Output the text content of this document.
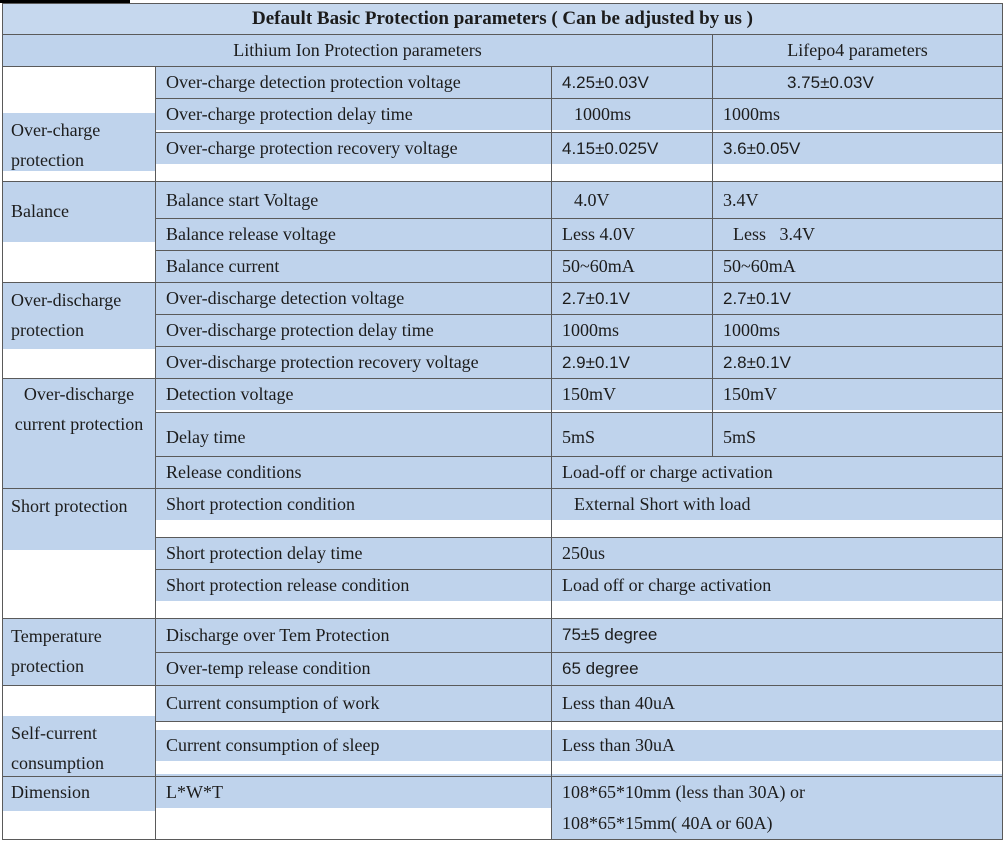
Default Basic Protection parameters ( Can be adjusted by us )			
Lithium Ion Protection parameters			Lifepo4 parameters

Over-charge protection	Over-charge detection protection voltage	4.25±0.03V	3.75±0.03V

	Over-charge protection delay time	1000ms	1000ms

	Over-charge protection recovery voltage	4.15±0.025V	3.6±0.05V

Balance	Balance start Voltage	4.0V	3.4V
	Balance release voltage	Less 4.0V	Less   3.4V
	Balance current	50~60mA	50~60mA

Over-discharge protection	Over-discharge detection voltage	2.7±0.1V	2.7±0.1V
	Over-discharge protection delay time	1000ms	1000ms
	Over-discharge protection recovery voltage	2.9±0.1V	2.8±0.1V

Over-discharge current protection	Detection voltage	150mV	150mV

	Delay time	5mS	5mS
	Release conditions	Load-off or charge activation	

Short protection	Short protection condition	External Short with load	

	Short protection delay time	250us	

	Short protection release condition	Load off or charge activation	

Temperature protection	Discharge over Tem Protection	75±5 degree	
	Over-temp release condition	65 degree	

Self-current consumption	Current consumption of work	Less than 40uA	

	Current consumption of sleep	Less than 30uA	

Dimension	L*W*T	108*65*10mm (less than 30A) or
108*65*15mm( 40A or 60A)	
